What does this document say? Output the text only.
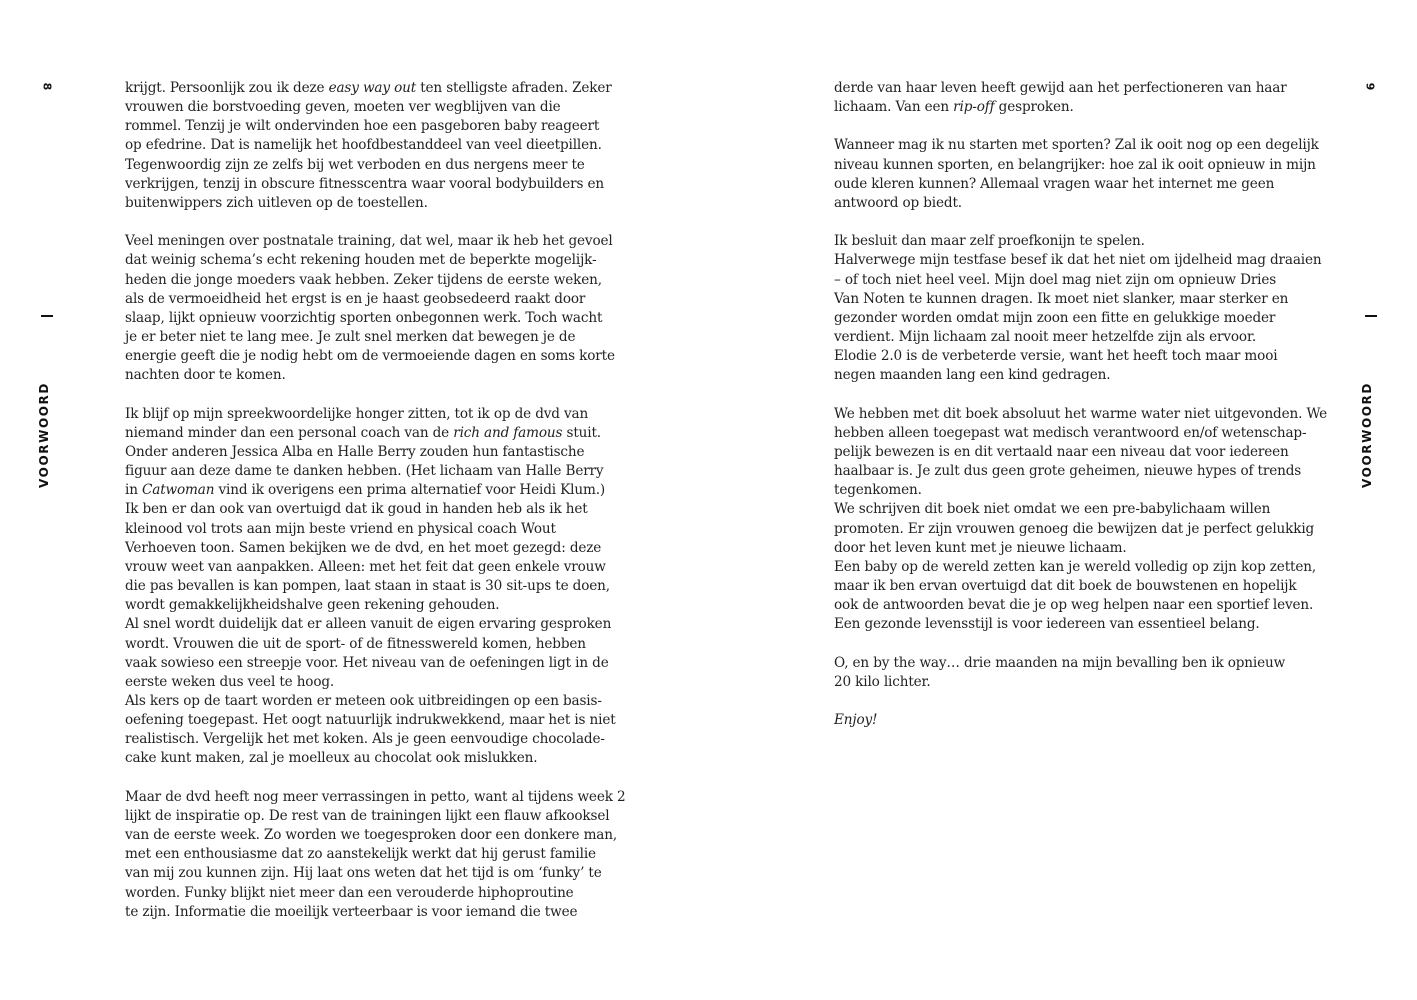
8
VOORWOORD
krijgt. Persoonlijk zou ik deze easy way out ten stelligste afraden. Zeker
vrouwen die borstvoeding geven, moeten ver wegblijven van die
rommel. Tenzij je wilt ondervinden hoe een pasgeboren baby reageert
op efedrine. Dat is namelijk het hoofdbestanddeel van veel dieetpillen.
Tegenwoordig zijn ze zelfs bij wet verboden en dus nergens meer te
verkrijgen, tenzij in obscure fitnesscentra waar vooral bodybuilders en
buitenwippers zich uitleven op de toestellen.
Veel meningen over postnatale training, dat wel, maar ik heb het gevoel
dat weinig schema’s echt rekening houden met de beperkte mogelijk-
heden die jonge moeders vaak hebben. Zeker tijdens de eerste weken,
als de vermoeidheid het ergst is en je haast geobsedeerd raakt door
slaap, lijkt opnieuw voorzichtig sporten onbegonnen werk. Toch wacht
je er beter niet te lang mee. Je zult snel merken dat bewegen je de
energie geeft die je nodig hebt om de vermoeiende dagen en soms korte
nachten door te komen.
Ik blijf op mijn spreekwoordelijke honger zitten, tot ik op de dvd van
niemand minder dan een personal coach van de rich and famous stuit.
Onder anderen Jessica Alba en Halle Berry zouden hun fantastische
figuur aan deze dame te danken hebben. (Het lichaam van Halle Berry
in Catwoman vind ik overigens een prima alternatief voor Heidi Klum.)
Ik ben er dan ook van overtuigd dat ik goud in handen heb als ik het
kleinood vol trots aan mijn beste vriend en physical coach Wout
Verhoeven toon. Samen bekijken we de dvd, en het moet gezegd: deze
vrouw weet van aanpakken. Alleen: met het feit dat geen enkele vrouw
die pas bevallen is kan pompen, laat staan in staat is 30 sit-ups te doen,
wordt gemakkelijkheidshalve geen rekening gehouden.
Al snel wordt duidelijk dat er alleen vanuit de eigen ervaring gesproken
wordt. Vrouwen die uit de sport- of de fitnesswereld komen, hebben
vaak sowieso een streepje voor. Het niveau van de oefeningen ligt in de
eerste weken dus veel te hoog.
Als kers op de taart worden er meteen ook uitbreidingen op een basis-
oefening toegepast. Het oogt natuurlijk indrukwekkend, maar het is niet
realistisch. Vergelijk het met koken. Als je geen eenvoudige chocolade-
cake kunt maken, zal je moelleux au chocolat ook mislukken.
Maar de dvd heeft nog meer verrassingen in petto, want al tijdens week 2
lijkt de inspiratie op. De rest van de trainingen lijkt een flauw afkooksel
van de eerste week. Zo worden we toegesproken door een donkere man,
met een enthousiasme dat zo aanstekelijk werkt dat hij gerust familie
van mij zou kunnen zijn. Hij laat ons weten dat het tijd is om ‘funky’ te
worden. Funky blijkt niet meer dan een verouderde hiphoproutine
te zijn. Informatie die moeilijk verteerbaar is voor iemand die twee
derde van haar leven heeft gewijd aan het perfectioneren van haar
lichaam. Van een rip-off gesproken.
Wanneer mag ik nu starten met sporten? Zal ik ooit nog op een degelijk
niveau kunnen sporten, en belangrijker: hoe zal ik ooit opnieuw in mijn
oude kleren kunnen? Allemaal vragen waar het internet me geen
antwoord op biedt.
Ik besluit dan maar zelf proefkonijn te spelen.
Halverwege mijn testfase besef ik dat het niet om ijdelheid mag draaien
– of toch niet heel veel. Mijn doel mag niet zijn om opnieuw Dries
Van Noten te kunnen dragen. Ik moet niet slanker, maar sterker en
gezonder worden omdat mijn zoon een fitte en gelukkige moeder
verdient. Mijn lichaam zal nooit meer hetzelfde zijn als ervoor.
Elodie 2.0 is de verbeterde versie, want het heeft toch maar mooi
negen maanden lang een kind gedragen.
We hebben met dit boek absoluut het warme water niet uitgevonden. We
hebben alleen toegepast wat medisch verantwoord en/of wetenschap-
pelijk bewezen is en dit vertaald naar een niveau dat voor iedereen
haalbaar is. Je zult dus geen grote geheimen, nieuwe hypes of trends
tegenkomen.
We schrijven dit boek niet omdat we een pre-babylichaam willen
promoten. Er zijn vrouwen genoeg die bewijzen dat je perfect gelukkig
door het leven kunt met je nieuwe lichaam.
Een baby op de wereld zetten kan je wereld volledig op zijn kop zetten,
maar ik ben ervan overtuigd dat dit boek de bouwstenen en hopelijk
ook de antwoorden bevat die je op weg helpen naar een sportief leven.
Een gezonde levensstijl is voor iedereen van essentieel belang.
O, en by the way… drie maanden na mijn bevalling ben ik opnieuw
20 kilo lichter.
Enjoy!
9
VOORWOORD
